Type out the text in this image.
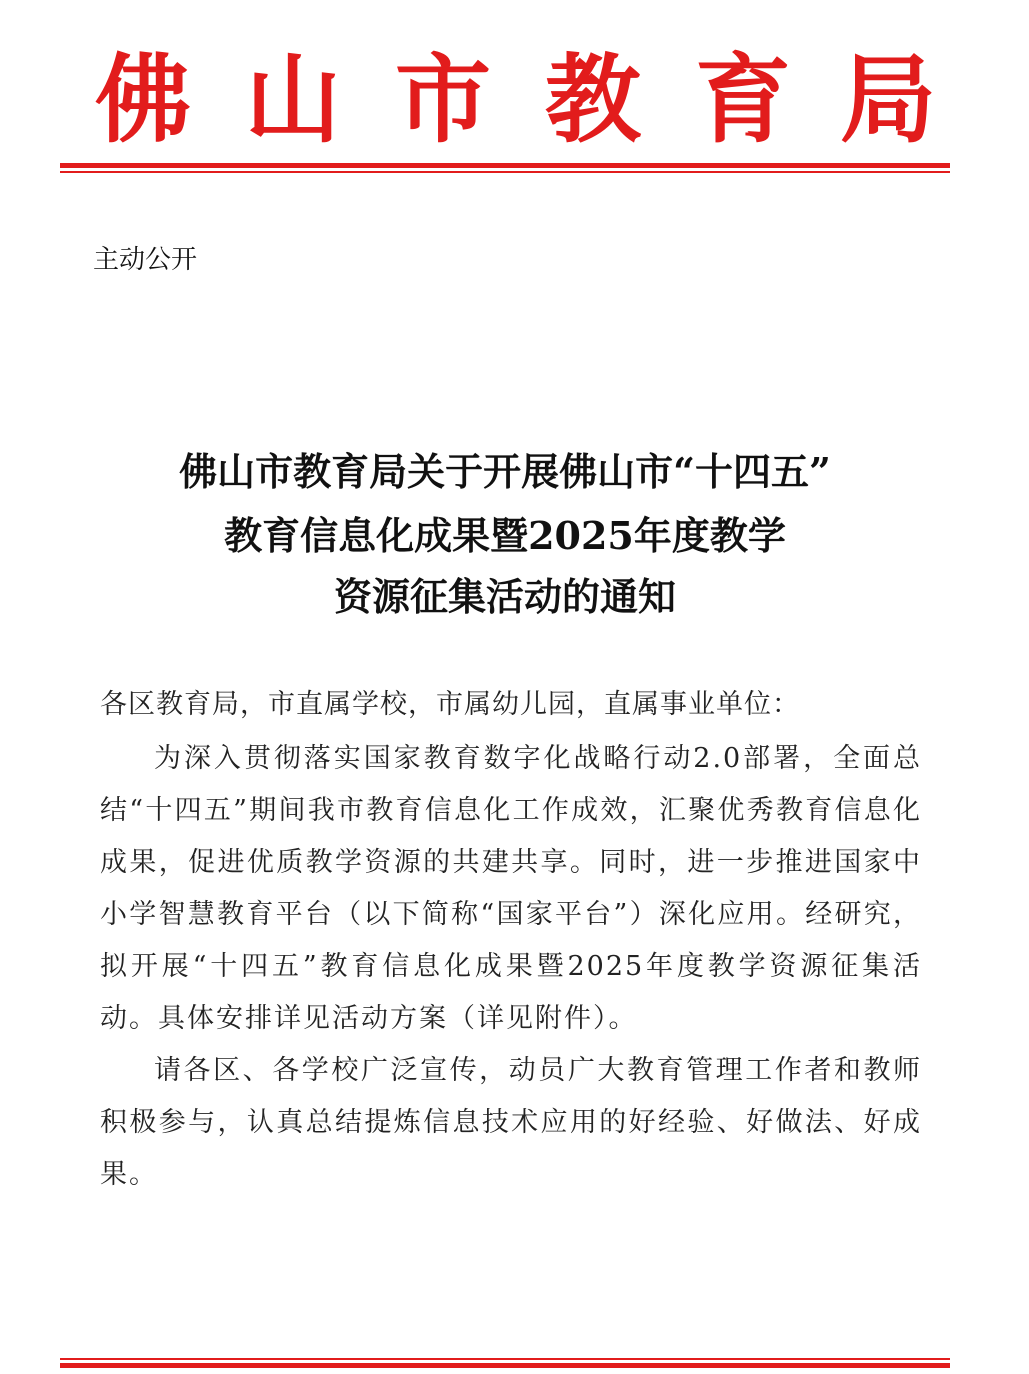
佛 山 市 教 育 局
主动公开
佛山市教育局关于开展佛山市“十四五”
教育信息化成果暨2025年度教学
资源征集活动的通知
各区教育局，市直属学校，市属幼儿园，直属事业单位：

为深入贯彻落实国家教育数字化战略行动2.0部署，全面总结“十四五”期间我市教育信息化工作成效，汇聚优秀教育信息化成果，促进优质教学资源的共建共享。同时，进一步推进国家中小学智慧教育平台（以下简称“国家平台”）深化应用。经研究，拟开展“十四五”教育信息化成果暨2025年度教学资源征集活动。具体安排详见活动方案（详见附件）。

请各区、各学校广泛宣传，动员广大教育管理工作者和教师积极参与，认真总结提炼信息技术应用的好经验、好做法、好成果。
